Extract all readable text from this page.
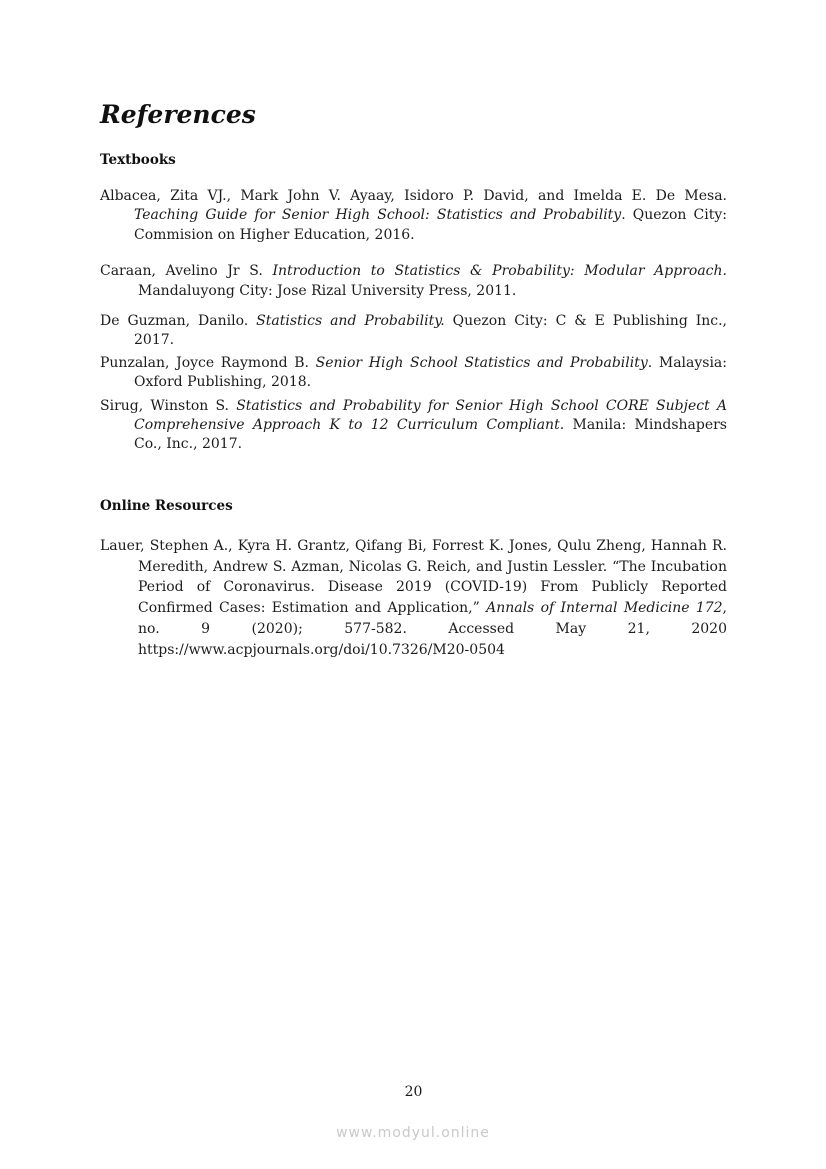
References
Textbooks

Albacea, Zita VJ., Mark John V. Ayaay, Isidoro P. David, and Imelda E. De Mesa. Teaching Guide for Senior High School: Statistics and Probability. Quezon City: Commision on Higher Education, 2016.

Caraan, Avelino Jr S. Introduction to Statistics & Probability: Modular Approach. Mandaluyong City: Jose Rizal University Press, 2011.

De Guzman, Danilo. Statistics and Probability. Quezon City: C & E Publishing Inc., 2017.

Punzalan, Joyce Raymond B. Senior High School Statistics and Probability. Malaysia: Oxford Publishing, 2018.

Sirug, Winston S. Statistics and Probability for Senior High School CORE Subject A Comprehensive Approach K to 12 Curriculum Compliant. Manila: Mindshapers Co., Inc., 2017.

Online Resources

Lauer, Stephen A., Kyra H. Grantz, Qifang Bi, Forrest K. Jones, Qulu Zheng, Hannah R. Meredith, Andrew S. Azman, Nicolas G. Reich, and Justin Lessler. “The Incubation Period of Coronavirus. Disease 2019 (COVID-19) From Publicly Reported Confirmed Cases: Estimation and Application,” Annals of Internal Medicine 172, no. 9 (2020); 577-582. Accessed May 21, 2020 https://www.acpjournals.org/doi/10.7326/M20-0504

20

www.modyul.online
